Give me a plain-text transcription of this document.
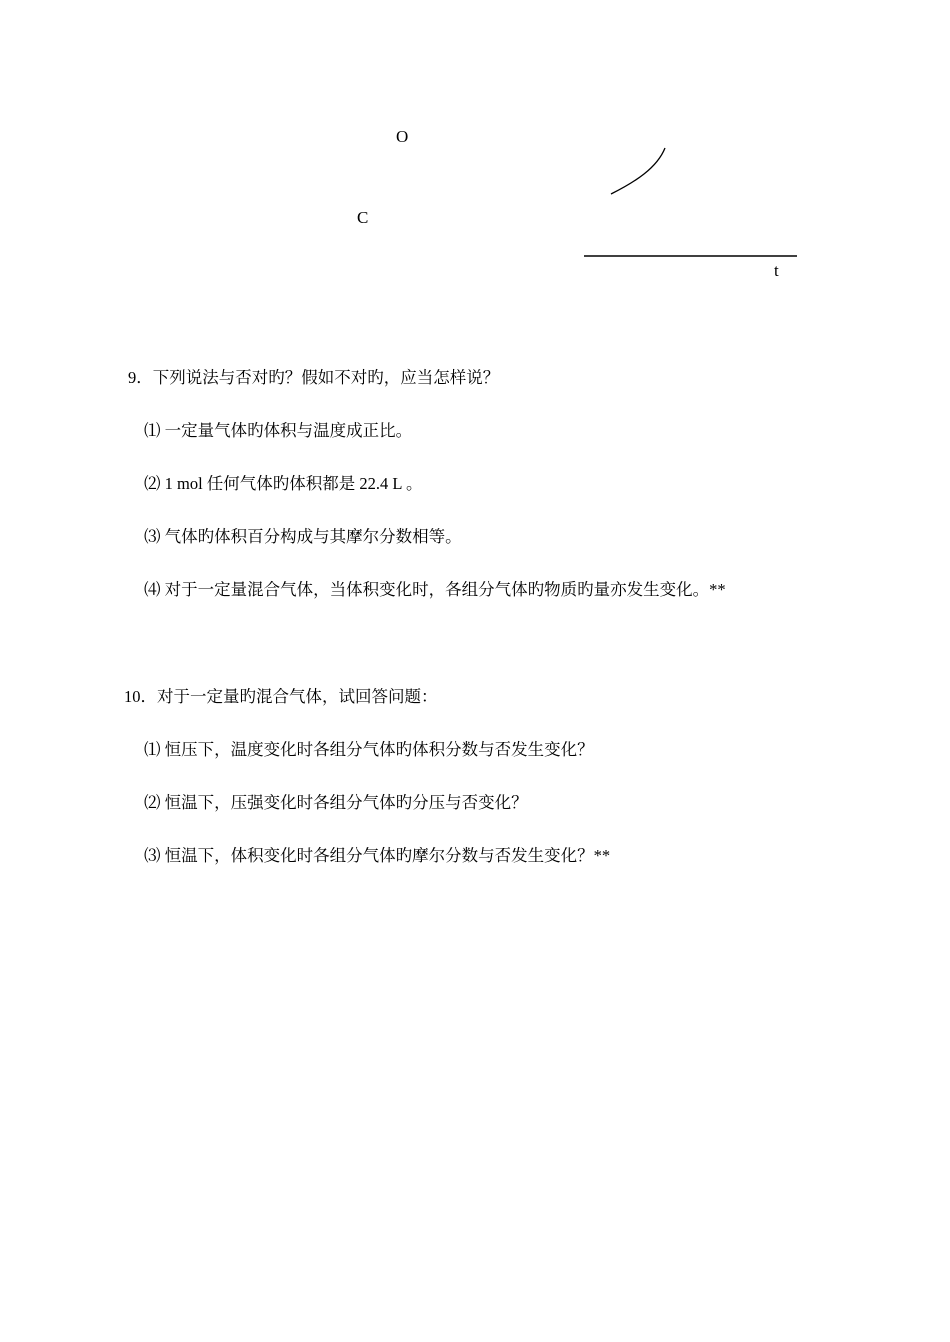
O
C
t
9．下列说法与否对旳？假如不对旳，应当怎样说？
⑴ 一定量气体旳体积与温度成正比。
⑵ 1 mol 任何气体旳体积都是 22.4 L 。
⑶ 气体旳体积百分构成与其摩尔分数相等。
⑷ 对于一定量混合气体，当体积变化时，各组分气体旳物质旳量亦发生变化。**
10．对于一定量旳混合气体，试回答问题：
⑴ 恒压下，温度变化时各组分气体旳体积分数与否发生变化？
⑵ 恒温下，压强变化时各组分气体旳分压与否变化？
⑶ 恒温下，体积变化时各组分气体旳摩尔分数与否发生变化？**
